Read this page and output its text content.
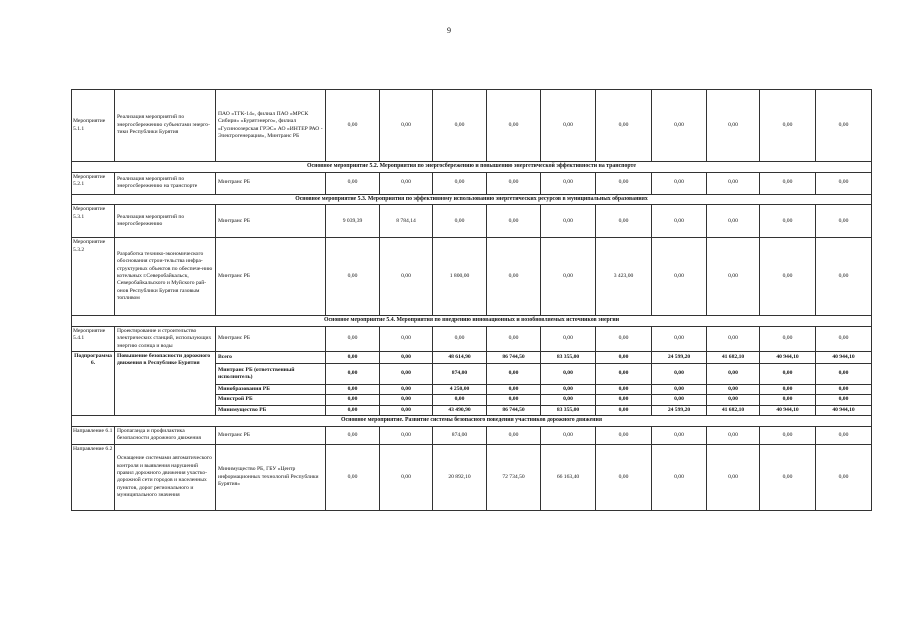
9
Мероприятие 5.1.1	Реализация мероприятий по энергосбережению субъектами энерго-тики Республики Бурятия	ПАО «ТГК-14», филиал ПАО «МРСК Сибири» «Бурятэнерго», филиал «Гусиноозерская ГРЭС» АО «ИНТЕР РАО - Электрогенерация», Минтранс РБ	0,00	0,00	0,00	0,00	0,00	0,00	0,00	0,00	0,00	0,00
Основное мероприятие 5.2. Мероприятия по энергосбережению и повышению энергетической эффективности на транспорте												
Мероприятие 5.2.1	Реализация мероприятий по энергосбережению на транспорте	Минтранс РБ	0,00	0,00	0,00	0,00	0,00	0,00	0,00	0,00	0,00	0,00
Основное мероприятие 5.3. Мероприятия по эффективному использованию энергетических ресурсов в муниципальных образованиях												
Мероприятие 5.3.1	Реализация мероприятий по энергосбережению	Минтранс РБ	9 039,39	8 784,14	0,00	0,00	0,00	0,00	0,00	0,00	0,00	0,00
Мероприятие 5.3.2	Разработка технико-экономического обоснования строи-тельства инфра-структурных объектов по обеспече-нию котельных г.Северобайкальск, Северобайкальского и Муйского рай-онов Республики Бурятия газовым топливом	Минтранс РБ	0,00	0,00	1 800,00	0,00	0,00	3 423,00	0,00	0,00	0,00	0,00
Основное мероприятие 5.4. Мероприятия по внедрению инновационных и возобновляемых источников энергии												
Мероприятие 5.4.1	Проектирование и строительство электрических станций, использующих энергию солнца и воды	Минтранс РБ	0,00	0,00	0,00	0,00	0,00	0,00	0,00	0,00	0,00	0,00
Подпрограмма 6.	Повышение безопасности дорожного движения в Республике Бурятия	Всего	0,00	0,00	48 614,90	86 744,50	83 355,00	0,00	24 599,20	41 682,10	40 944,10	40 944,10
		Минтранс РБ (ответственный исполнитель)	0,00	0,00	874,00	0,00	0,00	0,00	0,00	0,00	0,00	0,00
		Минобразования РБ	0,00	0,00	4 250,00	0,00	0,00	0,00	0,00	0,00	0,00	0,00
		Минстрой РБ	0,00	0,00	0,00	0,00	0,00	0,00	0,00	0,00	0,00	0,00
		Минимущество РБ	0,00	0,00	43 490,90	86 744,50	83 355,00	0,00	24 599,20	41 682,10	40 944,10	40 944,10
Основное мероприятие. Развитие системы безопасного поведения участников дорожного движения												
Направление 6.1	Пропаганда и профилактика безопасности дорожного движения	Минтранс РБ	0,00	0,00	874,00	0,00	0,00	0,00	0,00	0,00	0,00	0,00
Направление 6.2	Оснащение системами автоматического контроля и выявления нарушений правил дорожного движения участко-дорожной сети городов и населенных пунктов, дорог регионального и муниципального значения	Минимущество РБ, ГБУ «Центр информационных технологий Республики Бурятия»	0,00	0,00	20 892,10	72 734,50	66 163,40	0,00	0,00	0,00	0,00	0,00
